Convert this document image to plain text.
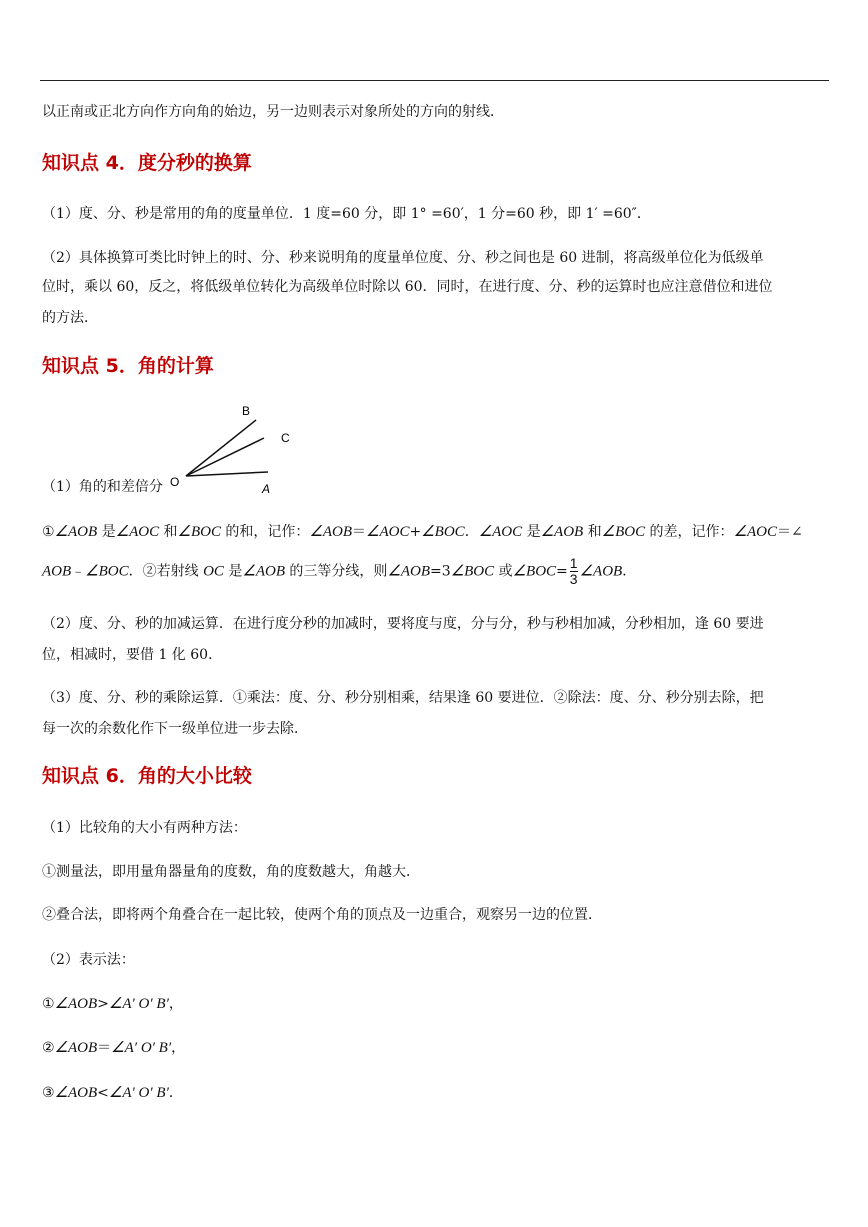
以正南或正北方向作方向角的始边，另一边则表示对象所处的方向的射线．
知识点 4．度分秒的换算
（1）度、分、秒是常用的角的度量单位．1 度=60 分，即 1° =60′，1 分=60 秒，即 1′ =60″．
（2）具体换算可类比时钟上的时、分、秒来说明角的度量单位度、分、秒之间也是 60 进制，将高级单位化为低级单
位时，乘以 60，反之，将低级单位转化为高级单位时除以 60．同时，在进行度、分、秒的运算时也应注意借位和进位
的方法．
知识点 5．角的计算
B
C
A
O
（1）角的和差倍分
①∠AOB 是∠AOC 和∠BOC 的和，记作：∠AOB＝∠AOC+∠BOC．∠AOC 是∠AOB 和∠BOC 的差，记作：∠AOC＝∠
AOB﹣∠BOC．②若射线 OC 是∠AOB 的三等分线，则∠AOB=3∠BOC 或∠BOC= $\frac{1}{3}$ ∠AOB．
（2）度、分、秒的加减运算．在进行度分秒的加减时，要将度与度，分与分，秒与秒相加减，分秒相加，逢 60 要进
位，相减时，要借 1 化 60．
（3）度、分、秒的乘除运算．①乘法：度、分、秒分别相乘，结果逢 60 要进位．②除法：度、分、秒分别去除，把
每一次的余数化作下一级单位进一步去除．
知识点 6．角的大小比较
（1）比较角的大小有两种方法：
①测量法，即用量角器量角的度数，角的度数越大，角越大．
②叠合法，即将两个角叠合在一起比较，使两个角的顶点及一边重合，观察另一边的位置．
（2）表示法：
①∠AOB>∠A′ O′ B′，
②∠AOB＝∠A′ O′ B′，
③∠AOB<∠A′ O′ B′．
